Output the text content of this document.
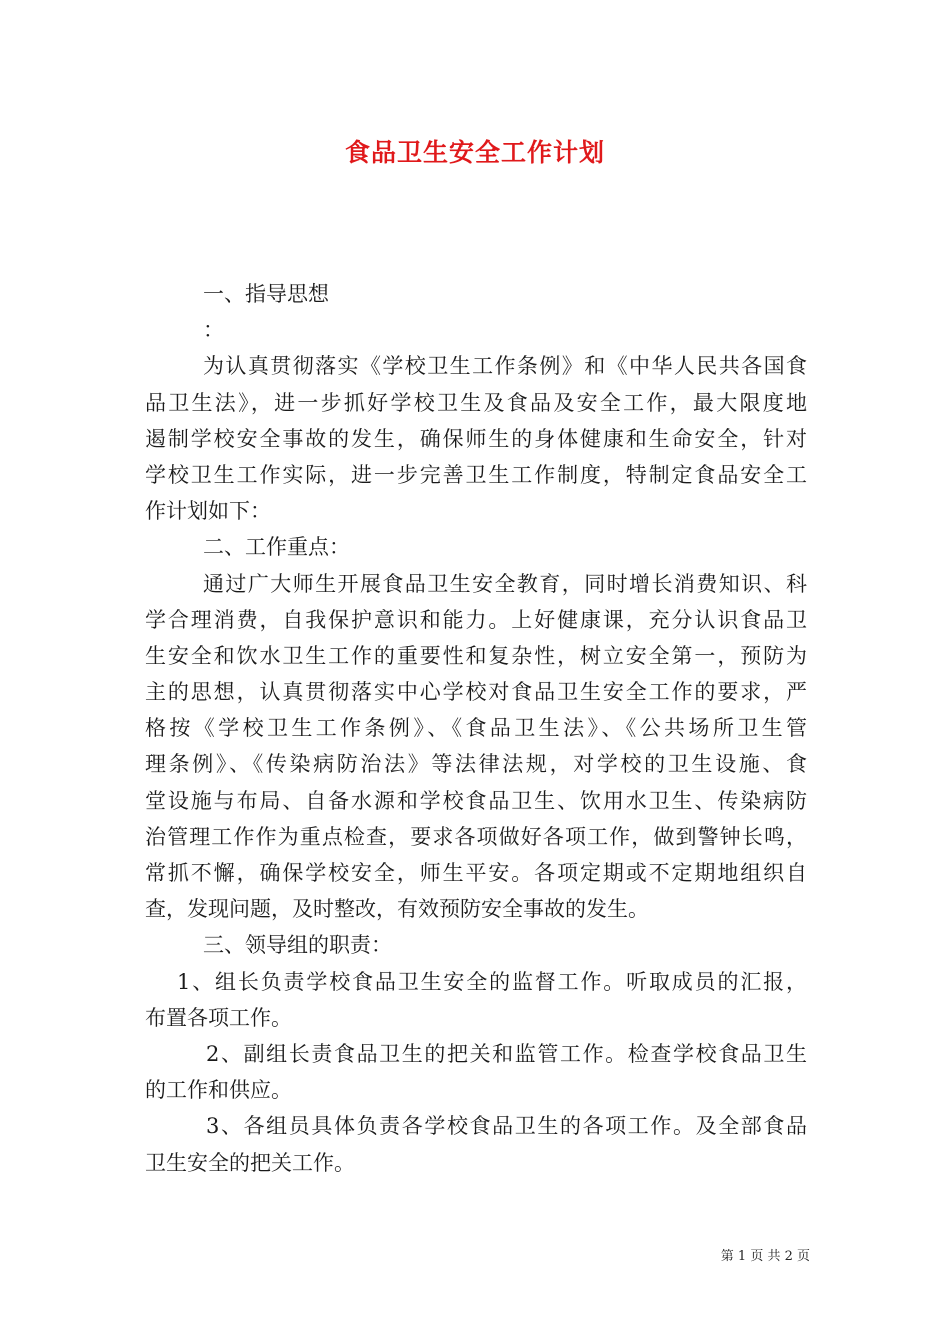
食品卫生安全工作计划

一、指导思想

：

为认真贯彻落实《学校卫生工作条例》和《中华人民共各国食

品卫生法》，进一步抓好学校卫生及食品及安全工作，最大限度地

遏制学校安全事故的发生，确保师生的身体健康和生命安全，针对

学校卫生工作实际，进一步完善卫生工作制度，特制定食品安全工

作计划如下：

二、工作重点：

通过广大师生开展食品卫生安全教育，同时增长消费知识、科

学合理消费，自我保护意识和能力。上好健康课，充分认识食品卫

生安全和饮水卫生工作的重要性和复杂性，树立安全第一，预防为

主的思想，认真贯彻落实中心学校对食品卫生安全工作的要求，严

格按《学校卫生工作条例》、《食品卫生法》、《公共场所卫生管

理条例》、《传染病防治法》等法律法规，对学校的卫生设施、食

堂设施与布局、自备水源和学校食品卫生、饮用水卫生、传染病防

治管理工作作为重点检查，要求各项做好各项工作，做到警钟长鸣，

常抓不懈，确保学校安全，师生平安。各项定期或不定期地组织自

查，发现问题，及时整改，有效预防安全事故的发生。

三、领导组的职责：

1、组长负责学校食品卫生安全的监督工作。听取成员的汇报，

布置各项工作。

2、副组长责食品卫生的把关和监管工作。检查学校食品卫生

的工作和供应。

3、各组员具体负责各学校食品卫生的各项工作。及全部食品

卫生安全的把关工作。

第 1 页 共 2 页
